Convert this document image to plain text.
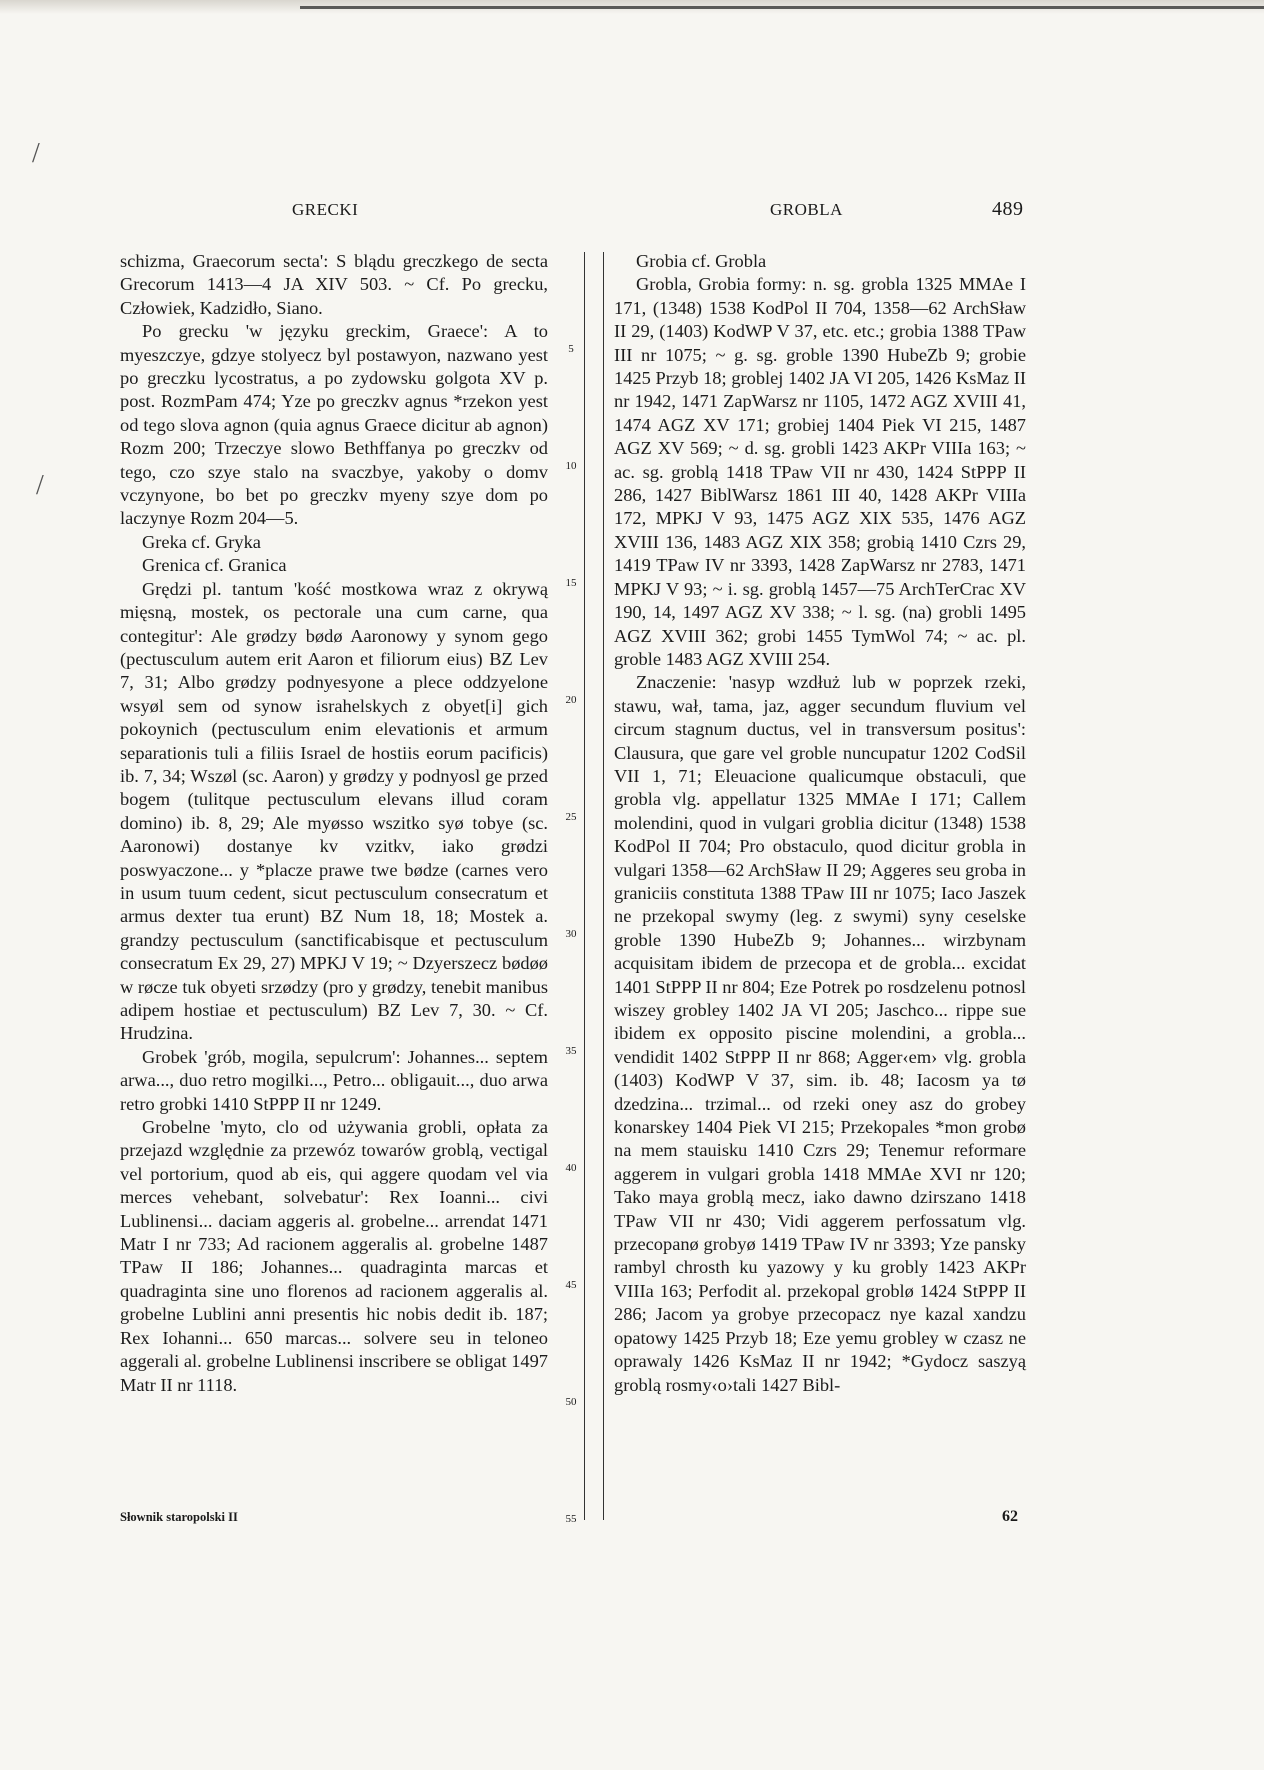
/
/
GRECKI	GROBLA	489

schizma, Graecorum secta': S blądu greczkego de secta Grecorum 1413—4 JA XIV 503. ~ Cf. Po grecku, Człowiek, Kadzidło, Siano.

Po grecku 'w języku greckim, Graece': A to myeszczye, gdzye stolyecz byl postawyon, nazwano yest po greczku lycostratus, a po zydowsku golgota XV p. post. RozmPam 474; Yze po greczkv agnus *rzekon yest od tego slova agnon (quia agnus Graece dicitur ab agnon) Rozm 200; Trzeczye slowo Bethffanya po greczkv od tego, czo szye stalo na svaczbye, yakoby o domv vczynyone, bo bet po greczkv myeny szye dom po laczynye Rozm 204—5.

Greka cf. Gryka

Grenica cf. Granica

Grędzi pl. tantum 'kość mostkowa wraz z okrywą mięsną, mostek, os pectorale una cum carne, qua contegitur': Ale grødzy bødø Aaronowy y synom gego (pectusculum autem erit Aaron et filiorum eius) BZ Lev 7, 31; Albo grødzy podnyesyone a plece oddzyelone wsyøl sem od synow israhelskych z obyet[i] gich pokoynich (pectusculum enim elevationis et armum separationis tuli a filiis Israel de hostiis eorum pacificis) ib. 7, 34; Wszøl (sc. Aaron) y grødzy y podnyosl ge przed bogem (tulitque pectusculum elevans illud coram domino) ib. 8, 29; Ale myøsso wszitko syø tobye (sc. Aaronowi) dostanye kv vzitkv, iako grødzi poswyaczone... y *placze prawe twe bødze (carnes vero in usum tuum cedent, sicut pectusculum consecratum et armus dexter tua erunt) BZ Num 18, 18; Mostek a. grandzy pectusculum (sanctificabisque et pectusculum consecratum Ex 29, 27) MPKJ V 19; ~ Dzyerszecz bødøø w røcze tuk obyeti srzødzy (pro y grødzy, tenebit manibus adipem hostiae et pectusculum) BZ Lev 7, 30. ~ Cf. Hrudzina.

Grobek 'grób, mogila, sepulcrum': Johannes... septem arwa..., duo retro mogilki..., Petro... obligauit..., duo arwa retro grobki 1410 StPPP II nr 1249.

Grobelne 'myto, clo od używania grobli, opłata za przejazd względnie za przewóz towarów groblą, vectigal vel portorium, quod ab eis, qui aggere quodam vel via merces vehebant, solvebatur': Rex Ioanni... civi Lublinensi... daciam aggeris al. grobelne... arrendat 1471 Matr I nr 733; Ad racionem aggeralis al. grobelne 1487 TPaw II 186; Johannes... quadraginta marcas et quadraginta sine uno florenos ad racionem aggeralis al. grobelne Lublini anni presentis hic nobis dedit ib. 187; Rex Iohanni... 650 marcas... solvere seu in teloneo aggerali al. grobelne Lublinensi inscribere se obligat 1497 Matr II nr 1118.

5
10
15
20
25
30
35
40
45
50
55

Grobia cf. Grobla

Grobla, Grobia formy: n. sg. grobla 1325 MMAe I 171, (1348) 1538 KodPol II 704, 1358—62 ArchSław II 29, (1403) KodWP V 37, etc. etc.; grobia 1388 TPaw III nr 1075; ~ g. sg. groble 1390 HubeZb 9; grobie 1425 Przyb 18; groblej 1402 JA VI 205, 1426 KsMaz II nr 1942, 1471 ZapWarsz nr 1105, 1472 AGZ XVIII 41, 1474 AGZ XV 171; grobiej 1404 Piek VI 215, 1487 AGZ XV 569; ~ d. sg. grobli 1423 AKPr VIIIa 163; ~ ac. sg. groblą 1418 TPaw VII nr 430, 1424 StPPP II 286, 1427 BiblWarsz 1861 III 40, 1428 AKPr VIIIa 172, MPKJ V 93, 1475 AGZ XIX 535, 1476 AGZ XVIII 136, 1483 AGZ XIX 358; grobią 1410 Czrs 29, 1419 TPaw IV nr 3393, 1428 ZapWarsz nr 2783, 1471 MPKJ V 93; ~ i. sg. groblą 1457—75 ArchTerCrac XV 190, 14, 1497 AGZ XV 338; ~ l. sg. (na) grobli 1495 AGZ XVIII 362; grobi 1455 TymWol 74; ~ ac. pl. groble 1483 AGZ XVIII 254.

Znaczenie: 'nasyp wzdłuż lub w poprzek rzeki, stawu, wał, tama, jaz, agger secundum fluvium vel circum stagnum ductus, vel in transversum positus': Clausura, que gare vel groble nuncupatur 1202 CodSil VII 1, 71; Eleuacione qualicumque obstaculi, que grobla vlg. appellatur 1325 MMAe I 171; Callem molendini, quod in vulgari groblia dicitur (1348) 1538 KodPol II 704; Pro obstaculo, quod dicitur grobla in vulgari 1358—62 ArchSław II 29; Aggeres seu groba in graniciis constituta 1388 TPaw III nr 1075; Iaco Jaszek ne przekopal swymy (leg. z swymi) syny ceselske groble 1390 HubeZb 9; Johannes... wirzbynam acquisitam ibidem de przecopa et de grobla... excidat 1401 StPPP II nr 804; Eze Potrek po rosdzelenu potnosl wiszey grobley 1402 JA VI 205; Jaschco... rippe sue ibidem ex opposito piscine molendini, a grobla... vendidit 1402 StPPP II nr 868; Agger‹em› vlg. grobla (1403) KodWP V 37, sim. ib. 48; Iacosm ya tø dzedzina... trzimal... od rzeki oney asz do grobey konarskey 1404 Piek VI 215; Przekopales *mon grobø na mem stauisku 1410 Czrs 29; Tenemur reformare aggerem in vulgari grobla 1418 MMAe XVI nr 120; Tako maya groblą mecz, iako dawno dzirszano 1418 TPaw VII nr 430; Vidi aggerem perfossatum vlg. przecopanø grobyø 1419 TPaw IV nr 3393; Yze pansky rambyl chrosth ku yazowy y ku grobly 1423 AKPr VIIIa 163; Perfodit al. przekopal groblø 1424 StPPP II 286; Jacom ya grobye przecopacz nye kazal xandzu opatowy 1425 Przyb 18; Eze yemu grobley w czasz ne oprawaly 1426 KsMaz II nr 1942; *Gydocz saszyą groblą rosmy‹o›tali 1427 Bibl-

Słownik staropolski II	62
